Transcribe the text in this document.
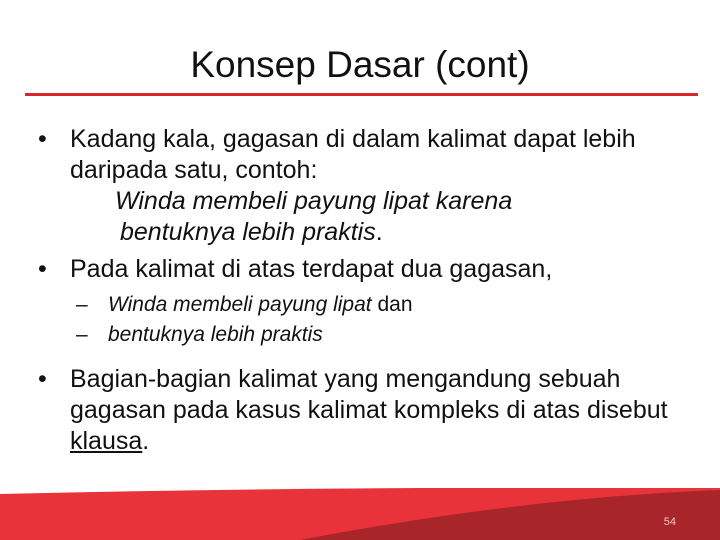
Konsep Dasar (cont)

• Kadang kala, gagasan di dalam kalimat dapat lebih daripada satu, contoh:
Winda membeli payung lipat karena
bentuknya lebih praktis.

• Pada kalimat di atas terdapat dua gagasan,

– Winda membeli payung lipat dan
– bentuknya lebih praktis

• Bagian-bagian kalimat yang mengandung sebuah gagasan pada kasus kalimat kompleks di atas disebut klausa.

54
